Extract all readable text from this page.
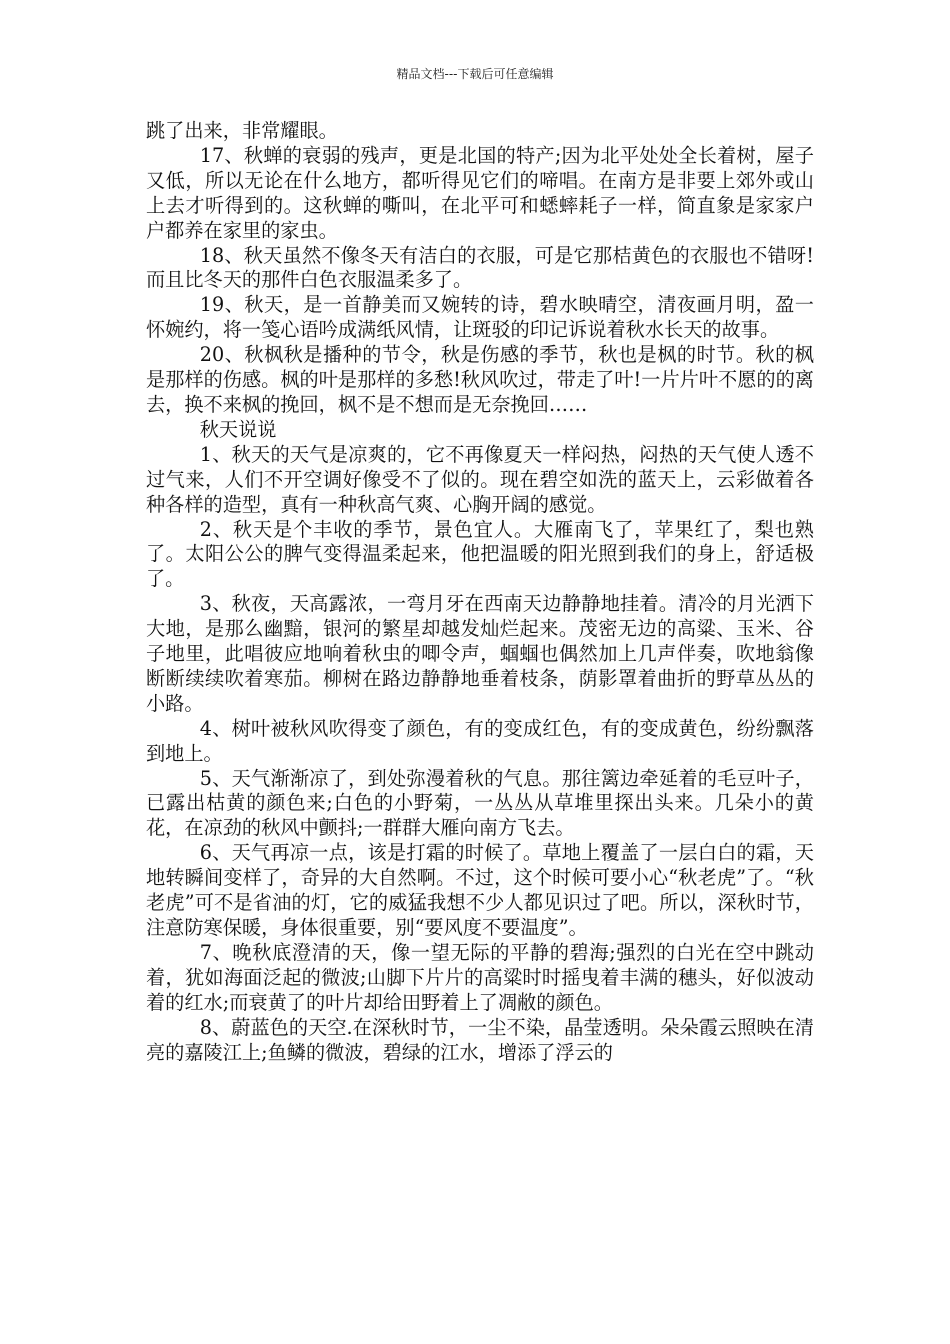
精品文档---下载后可任意编辑

跳了出来，非常耀眼。

17、秋蝉的衰弱的残声，更是北国的特产;因为北平处处全长着树，屋子又低，所以无论在什么地方，都听得见它们的啼唱。在南方是非要上郊外或山上去才听得到的。这秋蝉的嘶叫，在北平可和蟋蟀耗子一样，简直象是家家户户都养在家里的家虫。

18、秋天虽然不像冬天有洁白的衣服，可是它那桔黄色的衣服也不错呀!而且比冬天的那件白色衣服温柔多了。

19、秋天，是一首静美而又婉转的诗，碧水映晴空，清夜画月明，盈一怀婉约，将一笺心语吟成满纸风情，让斑驳的印记诉说着秋水长天的故事。

20、秋枫秋是播种的节令，秋是伤感的季节，秋也是枫的时节。秋的枫是那样的伤感。枫的叶是那样的多愁!秋风吹过，带走了叶!一片片叶不愿的的离去，换不来枫的挽回，枫不是不想而是无奈挽回……

秋天说说

1、秋天的天气是凉爽的，它不再像夏天一样闷热，闷热的天气使人透不过气来，人们不开空调好像受不了似的。现在碧空如洗的蓝天上，云彩做着各种各样的造型，真有一种秋高气爽、心胸开阔的感觉。

2、秋天是个丰收的季节，景色宜人。大雁南飞了，苹果红了，梨也熟了。太阳公公的脾气变得温柔起来，他把温暖的阳光照到我们的身上，舒适极了。

3、秋夜，天高露浓，一弯月牙在西南天边静静地挂着。清冷的月光洒下大地，是那么幽黯，银河的繁星却越发灿烂起来。茂密无边的高粱、玉米、谷子地里，此唱彼应地响着秋虫的唧令声，蝈蝈也偶然加上几声伴奏，吹地翁像断断续续吹着寒茄。柳树在路边静静地垂着枝条，荫影罩着曲折的野草丛丛的小路。

4、树叶被秋风吹得变了颜色，有的变成红色，有的变成黄色，纷纷飘落到地上。

5、天气渐渐凉了，到处弥漫着秋的气息。那往篱边牵延着的毛豆叶子，已露出枯黄的颜色来;白色的小野菊，一丛丛从草堆里探出头来。几朵小的黄花，在凉劲的秋风中颤抖;一群群大雁向南方飞去。

6、天气再凉一点，该是打霜的时候了。草地上覆盖了一层白白的霜，天地转瞬间变样了，奇异的大自然啊。不过，这个时候可要小心“秋老虎”了。“秋老虎”可不是省油的灯，它的威猛我想不少人都见识过了吧。所以，深秋时节，注意防寒保暖，身体很重要，别“要风度不要温度”。

7、晚秋底澄清的天，像一望无际的平静的碧海;强烈的白光在空中跳动着，犹如海面泛起的微波;山脚下片片的高粱时时摇曳着丰满的穗头，好似波动着的红水;而衰黄了的叶片却给田野着上了凋敝的颜色。

8、蔚蓝色的天空.在深秋时节，一尘不染，晶莹透明。朵朵霞云照映在清亮的嘉陵江上;鱼鳞的微波，碧绿的江水，增添了浮云的
